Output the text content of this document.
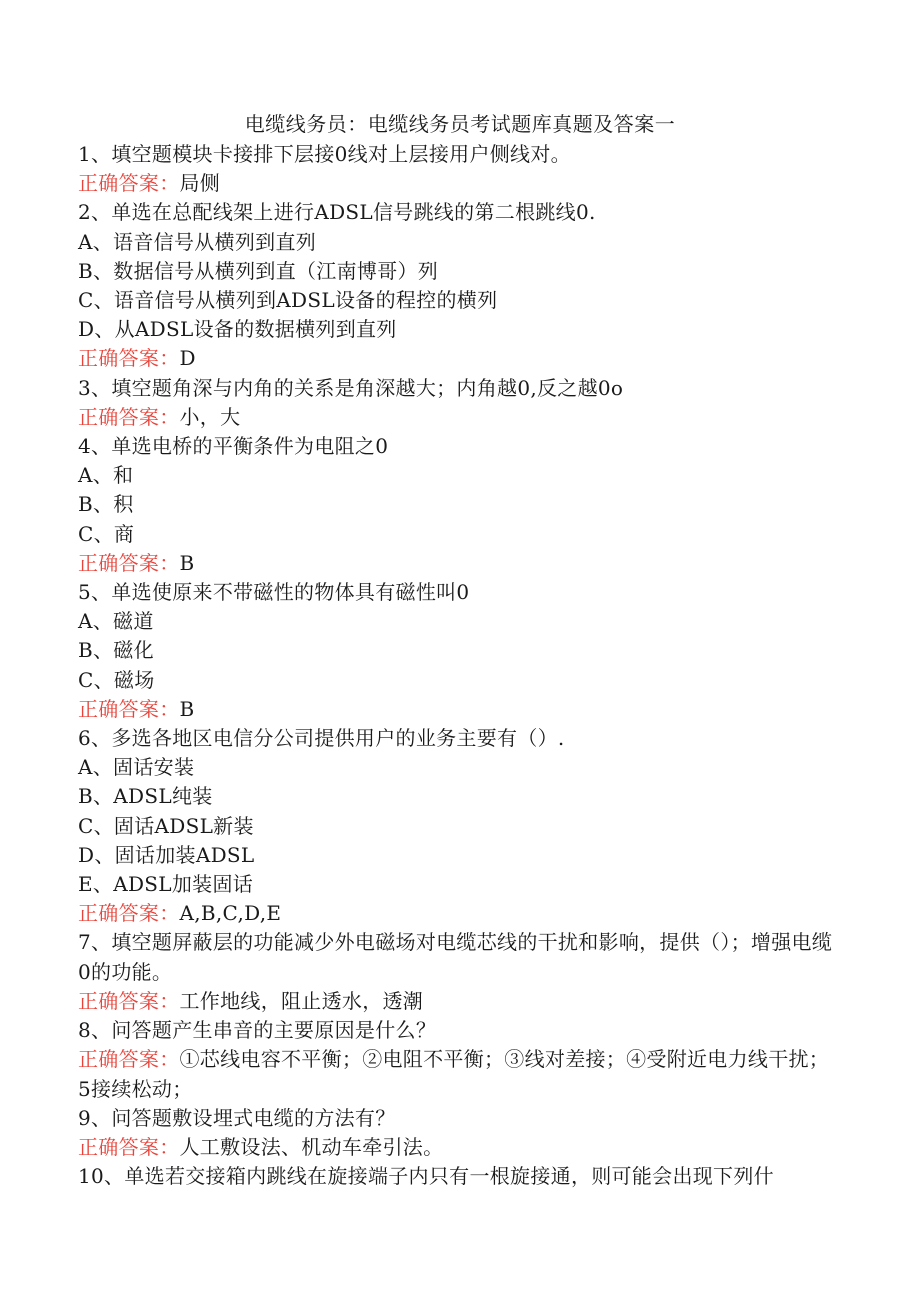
电缆线务员：电缆线务员考试题库真题及答案一
1、填空题模块卡接排下层接0线对上层接用户侧线对。
正确答案：局侧
2、单选在总配线架上进行ADSL信号跳线的第二根跳线0.
A、语音信号从横列到直列
B、数据信号从横列到直（江南博哥）列
C、语音信号从横列到ADSL设备的程控的横列
D、从ADSL设备的数据横列到直列
正确答案：D
3、填空题角深与内角的关系是角深越大；内角越0,反之越0o
正确答案：小，大
4、单选电桥的平衡条件为电阻之0
A、和
B、积
C、商
正确答案：B
5、单选使原来不带磁性的物体具有磁性叫0
A、磁道
B、磁化
C、磁场
正确答案：B
6、多选各地区电信分公司提供用户的业务主要有（）.
A、固话安装
B、ADSL纯装
C、固话ADSL新装
D、固话加装ADSL
E、ADSL加装固话
正确答案：A,B,C,D,E
7、填空题屏蔽层的功能减少外电磁场对电缆芯线的干扰和影响，提供（）；增强电缆0的功能。
正确答案：工作地线，阻止透水，透潮
8、问答题产生串音的主要原因是什么？
正确答案：①芯线电容不平衡；②电阻不平衡；③线对差接；④受附近电力线干扰；5接续松动；
9、问答题敷设埋式电缆的方法有？
正确答案：人工敷设法、机动车牵引法。
10、单选若交接箱内跳线在旋接端子内只有一根旋接通，则可能会出现下列什
